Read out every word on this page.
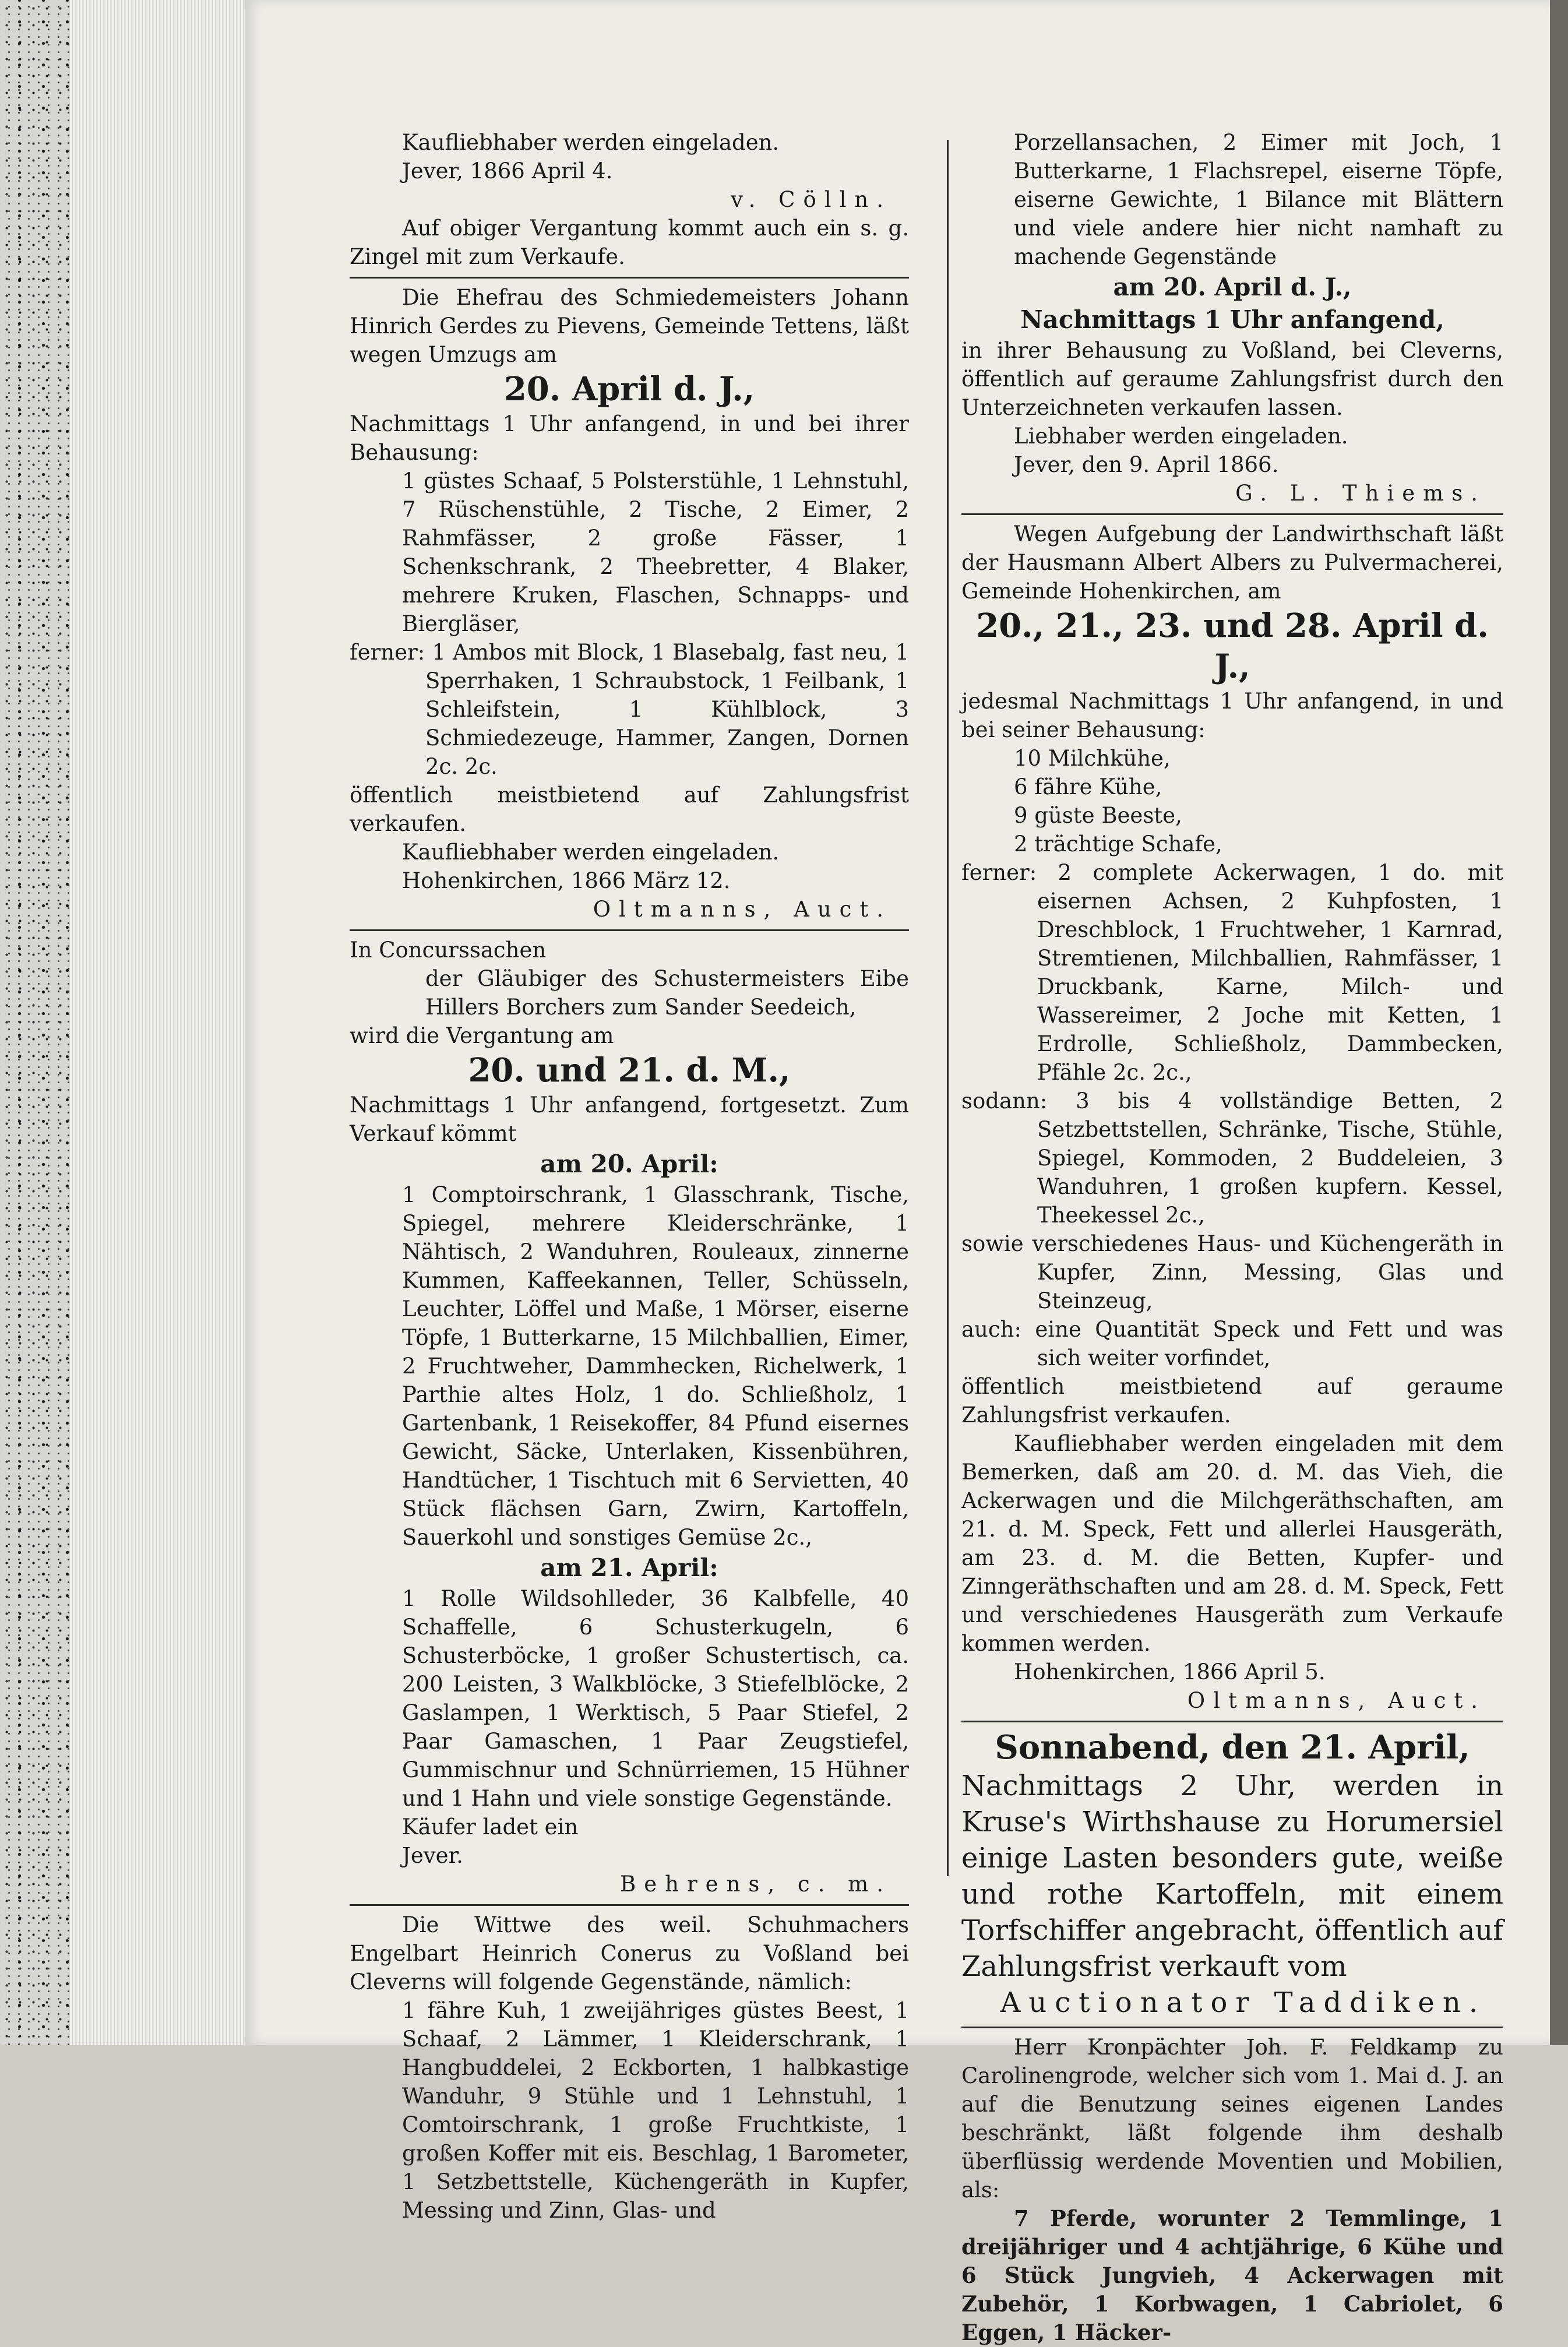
Kaufliebhaber werden eingeladen.

Jever, 1866 April 4.

v. Cölln.

Auf obiger Vergantung kommt auch ein s. g. Zingel mit zum Verkaufe.

Die Ehefrau des Schmiedemeisters Johann Hinrich Gerdes zu Pievens, Gemeinde Tettens, läßt wegen Umzugs am

20. April d. J.,

Nachmittags 1 Uhr anfangend, in und bei ihrer Behausung:

1 güstes Schaaf, 5 Polsterstühle, 1 Lehnstuhl, 7 Rüschenstühle, 2 Tische, 2 Eimer, 2 Rahmfässer, 2 große Fässer, 1 Schenkschrank, 2 Theebretter, 4 Blaker, mehrere Kruken, Flaschen, Schnapps- und Biergläser,

ferner: 1 Ambos mit Block, 1 Blasebalg, fast neu, 1 Sperrhaken, 1 Schraubstock, 1 Feilbank, 1 Schleifstein, 1 Kühlblock, 3 Schmiedezeuge, Hammer, Zangen, Dornen 2c. 2c.

öffentlich meistbietend auf Zahlungsfrist verkaufen.

Kaufliebhaber werden eingeladen.

Hohenkirchen, 1866 März 12.

Oltmanns, Auct.

In Concurssachen

der Gläubiger des Schustermeisters Eibe Hillers Borchers zum Sander Seedeich,

wird die Vergantung am

20. und 21. d. M.,

Nachmittags 1 Uhr anfangend, fortgesetzt. Zum Verkauf kömmt

am 20. April:

1 Comptoirschrank, 1 Glasschrank, Tische, Spiegel, mehrere Kleiderschränke, 1 Nähtisch, 2 Wanduhren, Rouleaux, zinnerne Kummen, Kaffeekannen, Teller, Schüsseln, Leuchter, Löffel und Maße, 1 Mörser, eiserne Töpfe, 1 Butterkarne, 15 Milchballien, Eimer, 2 Fruchtweher, Dammhecken, Richelwerk, 1 Parthie altes Holz, 1 do. Schließholz, 1 Gartenbank, 1 Reisekoffer, 84 Pfund eisernes Gewicht, Säcke, Unterlaken, Kissenbühren, Handtücher, 1 Tischtuch mit 6 Servietten, 40 Stück flächsen Garn, Zwirn, Kartoffeln, Sauerkohl und sonstiges Gemüse 2c.,

am 21. April:

1 Rolle Wildsohlleder, 36 Kalbfelle, 40 Schaffelle, 6 Schusterkugeln, 6 Schusterböcke, 1 großer Schustertisch, ca. 200 Leisten, 3 Walkblöcke, 3 Stiefelblöcke, 2 Gaslampen, 1 Werktisch, 5 Paar Stiefel, 2 Paar Gamaschen, 1 Paar Zeugstiefel, Gummischnur und Schnürriemen, 15 Hühner und 1 Hahn und viele sonstige Gegenstände.

Käufer ladet ein

Jever.

Behrens, c. m.

Die Wittwe des weil. Schuhmachers Engelbart Heinrich Conerus zu Voßland bei Cleverns will folgende Gegenstände, nämlich:

1 fähre Kuh, 1 zweijähriges güstes Beest, 1 Schaaf, 2 Lämmer, 1 Kleiderschrank, 1 Hangbuddelei, 2 Eckborten, 1 halbkastige Wanduhr, 9 Stühle und 1 Lehnstuhl, 1 Comtoirschrank, 1 große Fruchtkiste, 1 großen Koffer mit eis. Beschlag, 1 Barometer, 1 Setzbettstelle, Küchengeräth in Kupfer, Messing und Zinn, Glas- und

Porzellansachen, 2 Eimer mit Joch, 1 Butterkarne, 1 Flachsrepel, eiserne Töpfe, eiserne Gewichte, 1 Bilance mit Blättern und viele andere hier nicht namhaft zu machende Gegenstände

am 20. April d. J.,

Nachmittags 1 Uhr anfangend,

in ihrer Behausung zu Voßland, bei Cleverns, öffentlich auf geraume Zahlungsfrist durch den Unterzeichneten verkaufen lassen.

Liebhaber werden eingeladen.

Jever, den 9. April 1866.

G. L. Thiems.

Wegen Aufgebung der Landwirthschaft läßt der Hausmann Albert Albers zu Pulvermacherei, Gemeinde Hohenkirchen, am

20., 21., 23. und 28. April d. J.,

jedesmal Nachmittags 1 Uhr anfangend, in und bei seiner Behausung:

10 Milchkühe,

6 fähre Kühe,

9 güste Beeste,

2 trächtige Schafe,

ferner: 2 complete Ackerwagen, 1 do. mit eisernen Achsen, 2 Kuhpfosten, 1 Dreschblock, 1 Fruchtweher, 1 Karnrad, Stremtienen, Milchballien, Rahmfässer, 1 Druckbank, Karne, Milch- und Wassereimer, 2 Joche mit Ketten, 1 Erdrolle, Schließholz, Dammbecken, Pfähle 2c. 2c.,

sodann: 3 bis 4 vollständige Betten, 2 Setzbettstellen, Schränke, Tische, Stühle, Spiegel, Kommoden, 2 Buddeleien, 3 Wanduhren, 1 großen kupfern. Kessel, Theekessel 2c.,

sowie verschiedenes Haus- und Küchengeräth in Kupfer, Zinn, Messing, Glas und Steinzeug,

auch: eine Quantität Speck und Fett und was sich weiter vorfindet,

öffentlich meistbietend auf geraume Zahlungsfrist verkaufen.

Kaufliebhaber werden eingeladen mit dem Bemerken, daß am 20. d. M. das Vieh, die Ackerwagen und die Milchgeräthschaften, am 21. d. M. Speck, Fett und allerlei Hausgeräth, am 23. d. M. die Betten, Kupfer- und Zinngeräthschaften und am 28. d. M. Speck, Fett und verschiedenes Hausgeräth zum Verkaufe kommen werden.

Hohenkirchen, 1866 April 5.

Oltmanns, Auct.

Sonnabend, den 21. April,

Nachmittags 2 Uhr, werden in Kruse's Wirthshause zu Horumersiel einige Lasten besonders gute, weiße und rothe Kartoffeln, mit einem Torfschiffer angebracht, öffentlich auf Zahlungsfrist verkauft vom

Auctionator Taddiken.

Herr Kronpächter Joh. F. Feldkamp zu Carolinengrode, welcher sich vom 1. Mai d. J. an auf die Benutzung seines eigenen Landes beschränkt, läßt folgende ihm deshalb überflüssig werdende Moventien und Mobilien, als:

7 Pferde, worunter 2 Temmlinge, 1 dreijähriger und 4 achtjährige, 6 Kühe und 6 Stück Jungvieh, 4 Ackerwagen mit Zubehör, 1 Korbwagen, 1 Cabriolet, 6 Eggen, 1 Häcker-
